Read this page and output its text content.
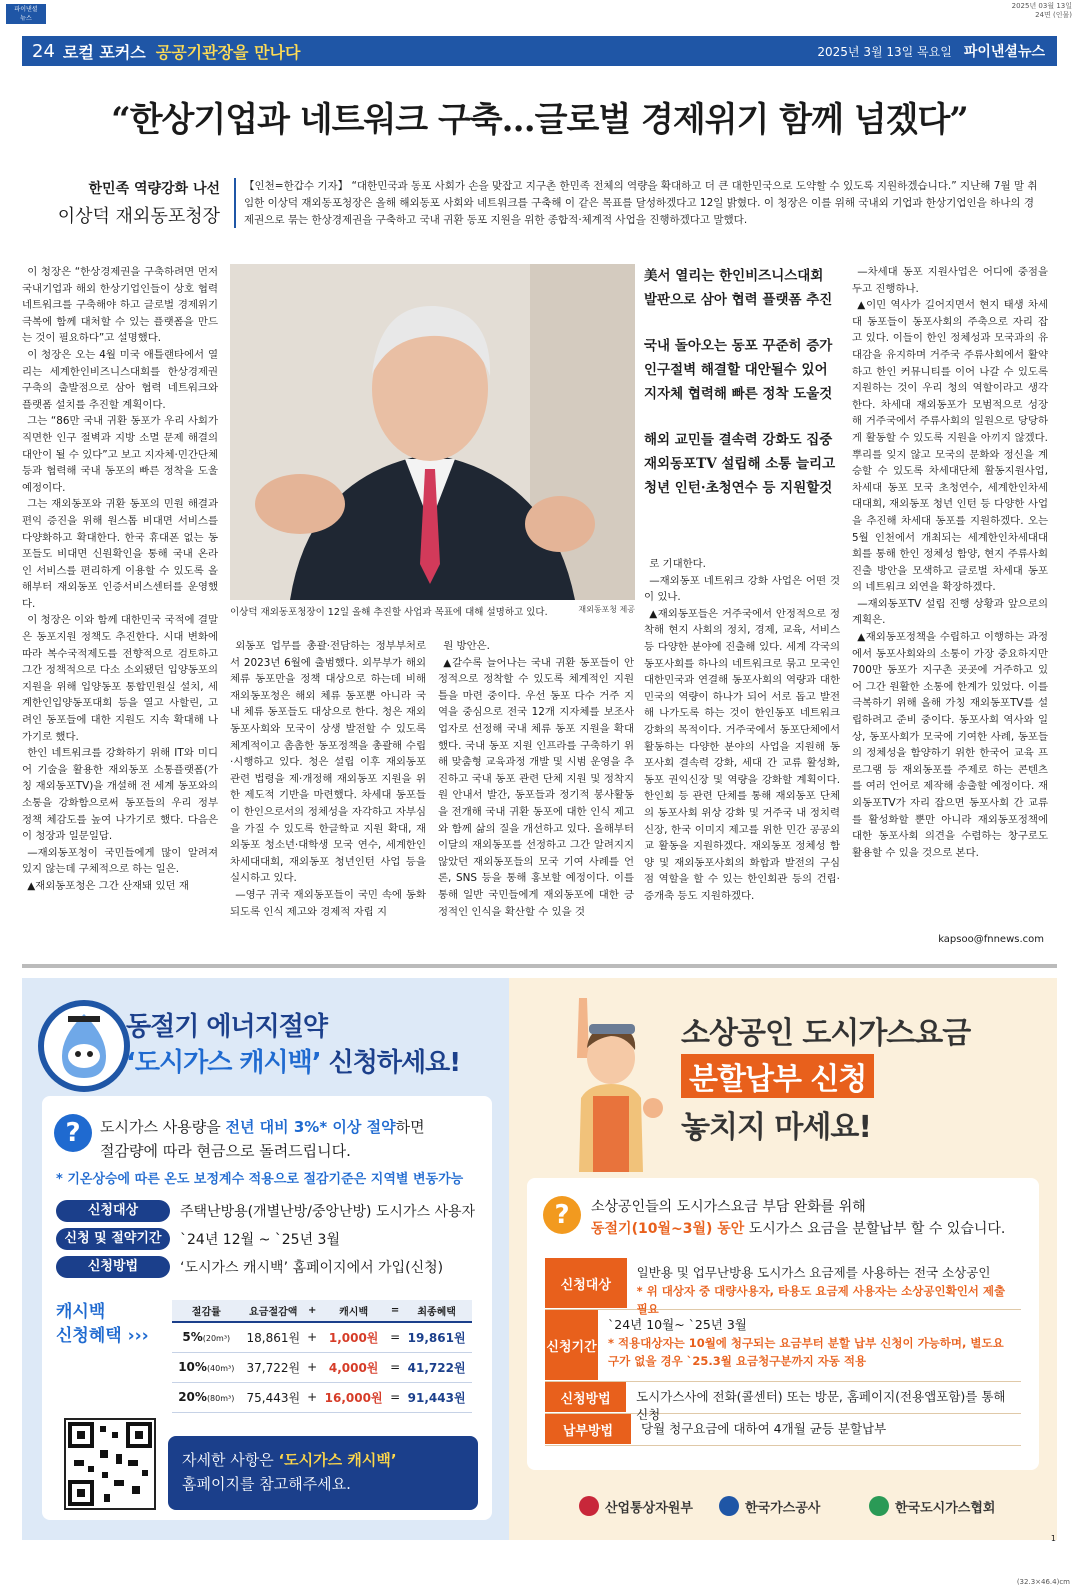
파이낸셜
뉴스
2025년 03월 13일
24면 (인물)
24 로컬 포커스 공공기관장을 만나다	2025년 3월 13일 목요일 파이낸셜뉴스
“한상기업과 네트워크 구축…글로벌 경제위기 함께 넘겠다”
한민족 역량강화 나선
이상덕 재외동포청장
【인천=한갑수 기자】 “대한민국과 동포 사회가 손을 맞잡고 지구촌 한민족 전체의 역량을 확대하고 더 큰 대한민국으로 도약할 수 있도록 지원하겠습니다.” 지난해 7월 말 취임한 이상덕 재외동포청장은 올해 해외동포 사회와 네트워크를 구축해 이 같은 목표를 달성하겠다고 12일 밝혔다. 이 청장은 이를 위해 국내외 기업과 한상기업인을 하나의 경제권으로 묶는 한상경제권을 구축하고 국내 귀환 동포 지원을 위한 종합적·체계적 사업을 진행하겠다고 말했다.

이 청장은 “한상경제권을 구축하려면 먼저 국내기업과 해외 한상기업인들이 상호 협력 네트워크를 구축해야 하고 글로벌 경제위기 극복에 함께 대처할 수 있는 플랫폼을 만드는 것이 필요하다”고 설명했다.

이 청장은 오는 4월 미국 애틀랜타에서 열리는 세계한인비즈니스대회를 한상경제권 구축의 출발점으로 삼아 협력 네트워크와 플랫폼 설치를 추진할 계획이다.

그는 “86만 국내 귀환 동포가 우리 사회가 직면한 인구 절벽과 지방 소멸 문제 해결의 대안이 될 수 있다”고 보고 지자체·민간단체 등과 협력해 국내 동포의 빠른 정착을 도울 예정이다.

그는 재외동포와 귀환 동포의 민원 해결과 편익 증진을 위해 원스톱 비대면 서비스를 다양화하고 확대한다. 한국 휴대폰 없는 동포들도 비대면 신원확인을 통해 국내 온라인 서비스를 편리하게 이용할 수 있도록 올해부터 재외동포 인증서비스센터를 운영했다.

이 청장은 이와 함께 대한민국 국적에 결말은 동포지원 정책도 추진한다. 시대 변화에 따라 복수국적제도를 전향적으로 검토하고 그간 정책적으로 다소 소외됐던 입양동포의 지원을 위해 입양동포 통합민원실 설치, 세계한인입양동포대회 등을 열고 사할린, 고려인 동포들에 대한 지원도 지속 확대해 나가기로 했다.

한인 네트워크를 강화하기 위해 IT와 미디어 기술을 활용한 재외동포 소통플랫폼(가칭 재외동포TV)을 개설해 전 세계 동포와의 소통을 강화함으로써 동포들의 우리 정부 정책 체감도를 높여 나가기로 했다. 다음은 이 청장과 일문일답.

—재외동포청이 국민들에게 많이 알려져 있지 않는데 구체적으로 하는 일은.

▲재외동포청은 그간 산재돼 있던 재

이상덕 재외동포청장이 12일 올해 추진할 사업과 목표에 대해 설명하고 있다.	재외동포청 제공

美서 열리는 한인비즈니스대회 발판으로 삼아 협력 플랫폼 추진

국내 돌아오는 동포 꾸준히 증가 인구절벽 해결할 대안될수 있어 지자체 협력해 빠른 정착 도울것

해외 교민들 결속력 강화도 집중 재외동포TV 설립해 소통 늘리고 청년 인턴·초청연수 등 지원할것

외동포 업무를 총괄·전담하는 정부부처로서 2023년 6월에 출범했다. 외무부가 해외 체류 동포만을 정책 대상으로 하는데 비해 재외동포청은 해외 체류 동포뿐 아니라 국내 체류 동포들도 대상으로 한다. 청은 재외동포사회와 모국이 상생 발전할 수 있도록 체계적이고 촘촘한 동포정책을 총괄해 수립·시행하고 있다. 청은 설립 이후 재외동포 관련 법령을 제·개정해 재외동포 지원을 위한 제도적 기반을 마련했다. 차세대 동포들이 한인으로서의 정체성을 자각하고 자부심을 가질 수 있도록 한글학교 지원 확대, 재외동포 청소년·대학생 모국 연수, 세계한인차세대대회, 재외동포 청년인턴 사업 등을 실시하고 있다.

—영구 귀국 재외동포들이 국민 속에 동화되도록 인식 제고와 경제적 자립 지

원 방안은.

▲갈수록 늘어나는 국내 귀환 동포들이 안정적으로 정착할 수 있도록 체계적인 지원 틀을 마련 중이다. 우선 동포 다수 거주 지역을 중심으로 전국 12개 지자체를 보조사업자로 선정해 국내 체류 동포 지원을 확대했다. 국내 동포 지원 인프라를 구축하기 위해 맞춤형 교육과정 개발 및 시범 운영을 추진하고 국내 동포 관련 단체 지원 및 정착지원 안내서 발간, 동포들과 정기적 봉사활동을 전개해 국내 귀환 동포에 대한 인식 제고와 함께 삶의 질을 개선하고 있다. 올해부터 이달의 재외동포를 선정하고 그간 알려지지 않았던 재외동포들의 모국 기여 사례를 언론, SNS 등을 통해 홍보할 예정이다. 이를 통해 일반 국민들에게 재외동포에 대한 긍정적인 인식을 확산할 수 있을 것

로 기대한다.

—재외동포 네트워크 강화 사업은 어떤 것이 있나.

▲재외동포들은 거주국에서 안정적으로 정착해 현지 사회의 정치, 경제, 교육, 서비스 등 다양한 분야에 진출해 있다. 세계 각국의 동포사회를 하나의 네트워크로 묶고 모국인 대한민국과 연결해 동포사회의 역량과 대한민국의 역량이 하나가 되어 서로 돕고 발전해 나가도록 하는 것이 한인동포 네트워크 강화의 목적이다. 거주국에서 동포단체에서 활동하는 다양한 분야의 사업을 지원해 동포사회 결속력 강화, 세대 간 교류 활성화, 동포 권익신장 및 역량을 강화할 계획이다. 한인회 등 관련 단체를 통해 재외동포 단체의 동포사회 위상 강화 및 거주국 내 정치력 신장, 한국 이미지 제고를 위한 민간 공공외교 활동을 지원하겠다. 재외동포 정체성 함양 및 재외동포사회의 화합과 발전의 구심점 역할을 할 수 있는 한인회관 등의 건립·증개축 등도 지원하겠다.

—차세대 동포 지원사업은 어디에 중점을 두고 진행하나.

▲이민 역사가 길어지면서 현지 태생 차세대 동포들이 동포사회의 주축으로 자리 잡고 있다. 이들이 한인 정체성과 모국과의 유대감을 유지하며 거주국 주류사회에서 활약하고 한인 커뮤니티를 이어 나갈 수 있도록 지원하는 것이 우리 청의 역할이라고 생각한다. 차세대 재외동포가 모범적으로 성장해 거주국에서 주류사회의 일원으로 당당하게 활동할 수 있도록 지원을 아끼지 않겠다. 뿌리를 잊지 않고 모국의 문화와 정신을 계승할 수 있도록 차세대단체 활동지원사업, 차세대 동포 모국 초청연수, 세계한인차세대대회, 재외동포 청년 인턴 등 다양한 사업을 추진해 차세대 동포를 지원하겠다. 오는 5월 인천에서 개최되는 세계한인차세대대회를 통해 한인 정체성 함양, 현지 주류사회 진출 방안을 모색하고 글로벌 차세대 동포의 네트워크 외연을 확장하겠다.

—재외동포TV 설립 진행 상황과 앞으로의 계획은.

▲재외동포정책을 수립하고 이행하는 과정에서 동포사회와의 소통이 가장 중요하지만 700만 동포가 지구촌 곳곳에 거주하고 있어 그간 원활한 소통에 한계가 있었다. 이를 극복하기 위해 올해 가칭 재외동포TV를 설립하려고 준비 중이다. 동포사회 역사와 일상, 동포사회가 모국에 기여한 사례, 동포들의 정체성을 함양하기 위한 한국어 교육 프로그램 등 재외동포를 주제로 하는 콘텐츠를 여러 언어로 제작해 송출할 예정이다. 재외동포TV가 자리 잡으면 동포사회 간 교류를 활성화할 뿐만 아니라 재외동포정책에 대한 동포사회 의견을 수렴하는 창구로도 활용할 수 있을 것으로 본다.

kapsoo@fnnews.com
동절기 에너지절약
‘도시가스 캐시백’ 신청하세요!
?	도시가스 사용량을 전년 대비 3%* 이상 절약하면
절감량에 따라 현금으로 돌려드립니다.
* 기온상승에 따른 온도 보정계수 적용으로 절감기준은 지역별 변동가능
신청대상	주택난방용(개별난방/중앙난방) 도시가스 사용자
신청 및 절약기간	`24년 12월 ~ `25년 3월
신청방법	‘도시가스 캐시백’ 홈페이지에서 가입(신청)
캐시백
신청혜택 ›››
절감률	요금절감액	+	캐시백	=	최종혜택
5%(20m³)	18,861원	+	1,000원	=	19,861원
10%(40m³)	37,722원	+	4,000원	=	41,722원
20%(80m³)	75,443원	+	16,000원	=	91,443원
자세한 사항은 ‘도시가스 캐시백’
홈페이지를 참고해주세요.
소상공인 도시가스요금
분할납부 신청
놓치지 마세요!
?	소상공인들의 도시가스요금 부담 완화를 위해
동절기(10월~3월) 동안 도시가스 요금을 분할납부 할 수 있습니다.
신청대상
일반용 및 업무난방용 도시가스 요금제를 사용하는 전국 소상공인
* 위 대상자 중 대량사용자, 타용도 요금제 사용자는 소상공인확인서 제출 필요
신청기간
`24년 10월~ `25년 3월
* 적용대상자는 10월에 청구되는 요금부터 분할 납부 신청이 가능하며, 별도요구가 없을 경우 `25.3월 요금청구분까지 자동 적용
신청방법	도시가스사에 전화(콜센터) 또는 방문, 홈페이지(전용앱포함)를 통해 신청
납부방법	당월 청구요금에 대하여 4개월 균등 분할납부
산업통상자원부	한국가스공사	한국도시가스협회
1
(32.3×46.4)cm
